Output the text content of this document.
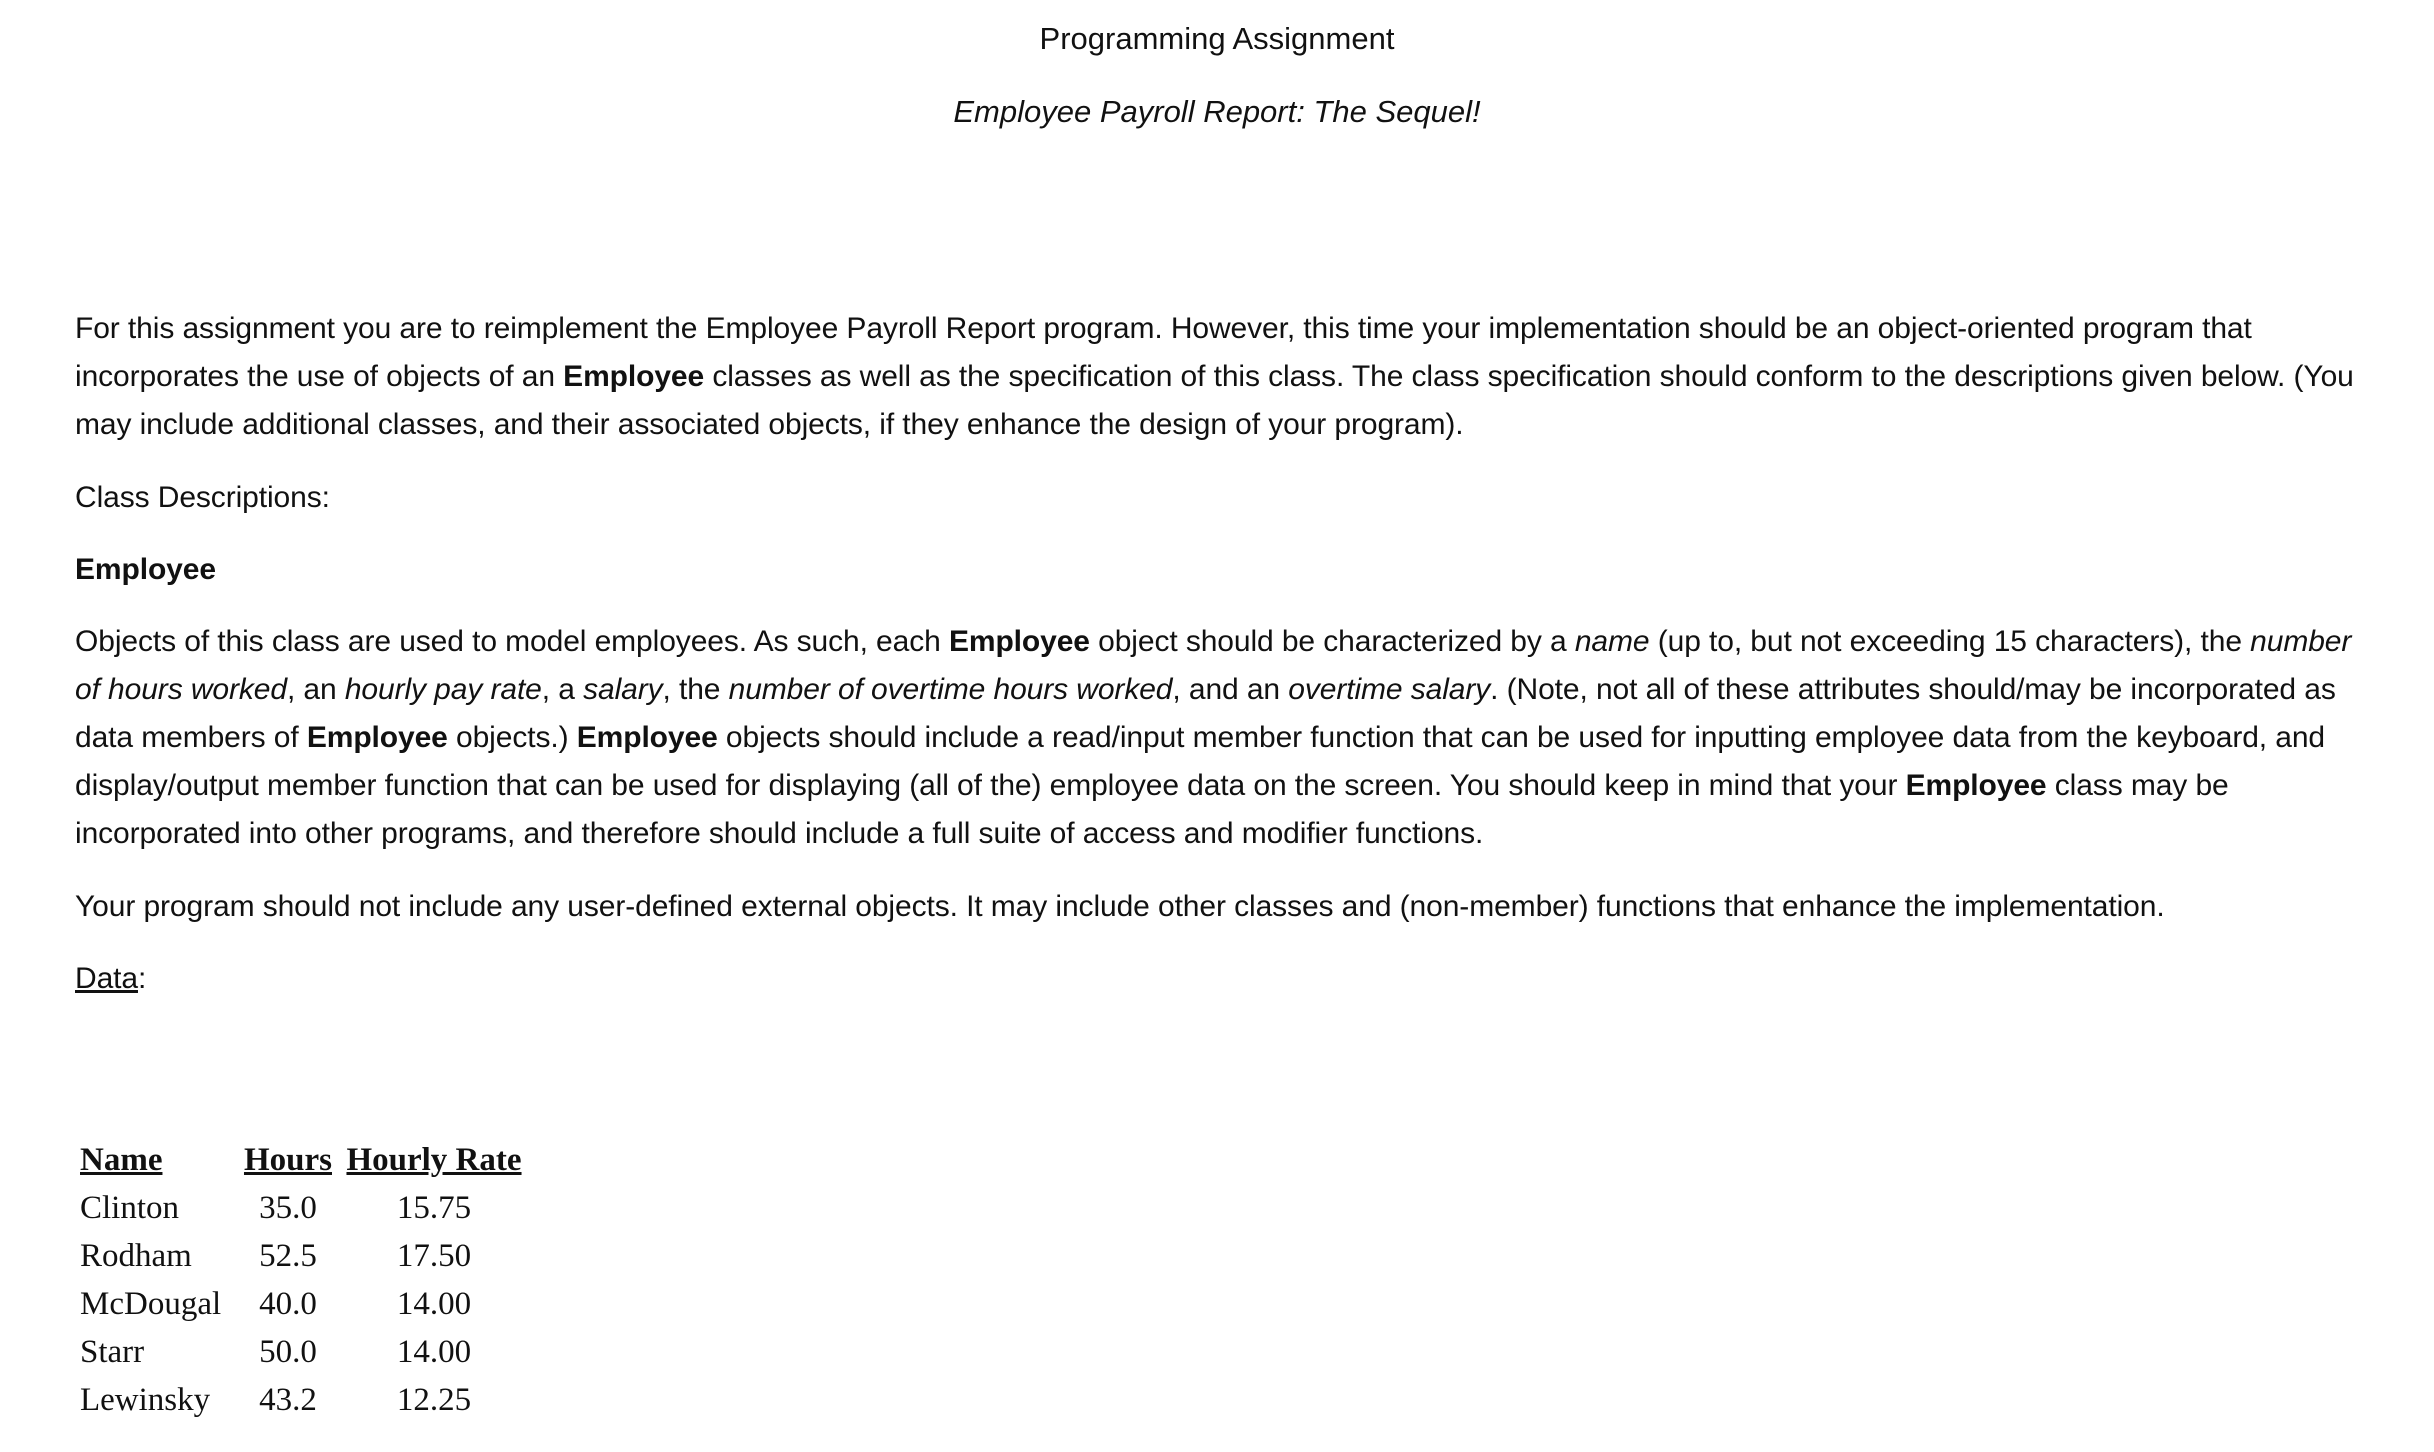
Programming Assignment
Employee Payroll Report: The Sequel!
For this assignment you are to reimplement the Employee Payroll Report program. However, this time your implementation should be an object-oriented program that incorporates the use of objects of an Employee classes as well as the specification of this class. The class specification should conform to the descriptions given below. (You may include additional classes, and their associated objects, if they enhance the design of your program).
Class Descriptions:
Employee
Objects of this class are used to model employees. As such, each Employee object should be characterized by a name (up to, but not exceeding 15 characters), the number of hours worked, an hourly pay rate, a salary, the number of overtime hours worked, and an overtime salary. (Note, not all of these attributes should/may be incorporated as data members of Employee objects.) Employee objects should include a read/input member function that can be used for inputting employee data from the keyboard, and display/output member function that can be used for displaying (all of the) employee data on the screen. You should keep in mind that your Employee class may be incorporated into other programs, and therefore should include a full suite of access and modifier functions.
Your program should not include any user-defined external objects. It may include other classes and (non-member) functions that enhance the implementation.
Data:
Name	Hours	Hourly Rate
Clinton	35.0	15.75
Rodham	52.5	17.50
McDougal	40.0	14.00
Starr	50.0	14.00
Lewinsky	43.2	12.25
